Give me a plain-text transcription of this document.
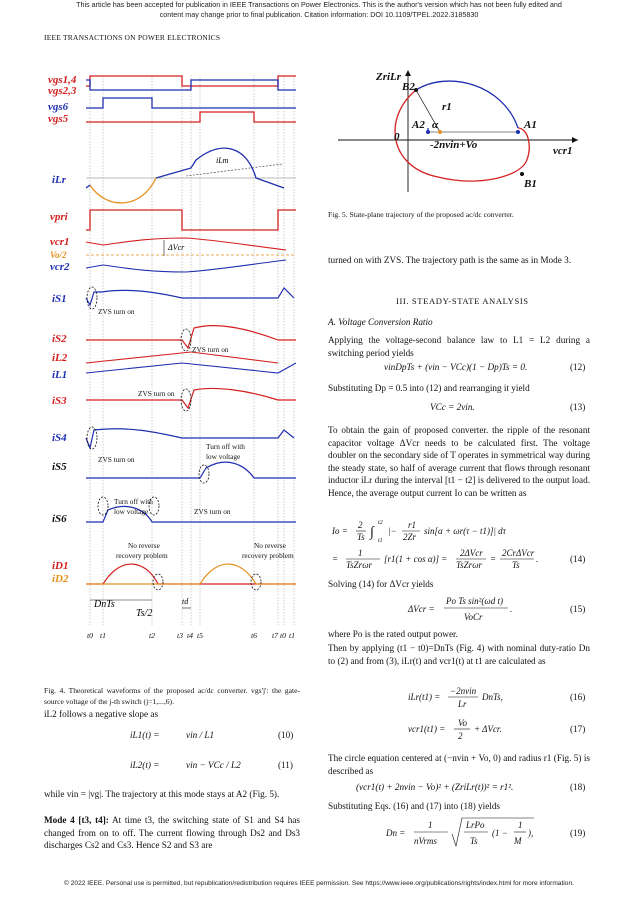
This article has been accepted for publication in IEEE Transactions on Power Electronics. This is the author's version which has not been fully edited and
content may change prior to final publication. Citation information: DOI 10.1109/TPEL.2022.3185830
IEEE TRANSACTIONS ON POWER ELECTRONICS
vgs1,4
vgs2,3
vgs6
vgs5
iLr
vpri
vcr1
Vo/2
vcr2
iS1
iS2
iL2
iL1
iS3
iS4
iS5
iS6
iD1
iD2
ZVS turn on
ZVS turn on
ZVS turn on
ZVS turn on
ZVS turn on
Turn off with
low voltage
Turn off with
low voltage
No reverse
recovery problem
No reverse
recovery problem
ΔVcr
iLm
DnTs
Ts/2
td
t0 t1	t2	t3 t4 t5	t6 t7 t0 t1
Fig. 4. Theoretical waveforms of the proposed ac/dc converter. vgs'j': the gate-source voltage of the j-th switch (j=1,...,6).
ZriLr
vcr1
0
B2
B1
A1
A2
r1
α
-2nvin+Vo
Fig. 5. State-plane trajectory of the proposed ac/dc converter.
iL2 follows a negative slope as
iL1(t) =	vin / L1	(10)
iL2(t) =	vin − VCc / L2	(11)
while vin = |vg|. The trajectory at this mode stays at A2 (Fig. 5).
Mode 4 [t3, t4]: At time t3, the switching state of S1 and S4 has changed from on to off. The current flowing through Ds2 and Ds3 discharges Cs2 and Cs3. Hence S2 and S3 are
turned on with ZVS. The trajectory path is the same as in Mode 3.
III. STEADY-STATE ANALYSIS
A. Voltage Conversion Ratio
Applying the voltage-second balance law to L1 = L2 during a switching period yields
vinDpTs + (vin − VCc)(1 − Dp)Ts = 0.	(12)
Substituting Dp = 0.5 into (12) and rearranging it yield
VCc = 2vin.	(13)
To obtain the gain of proposed converter. the ripple of the resonant capacitor voltage ΔVcr needs to be calculated first. The voltage doubler on the secondary side of T operates in symmetrical way during the steady state, so half of average current that flows through resonant inductor iLr during the interval [t1 − t2] is delivered to the output load. Hence, the average output current Io can be written as
Io =
2
Ts ∫
t2
t1
|−
r1
2Zr
sin[α + ωr(τ − t1)]| dτ
=
1
TsZrωr
[r1(1 + cos α)] =
2ΔVcr
TsZrωr
=
2CrΔVcr
Ts
.	(14)
Solving (14) for ΔVcr yields
ΔVcr =
Po Ts sin²(ωd t)
VoCr
.	(15)
where Po is the rated output power.
Then by applying (t1 − t0)=DnTs (Fig. 4) with nominal duty-ratio Dn to (2) and from (3), iLr(t) and vcr1(t) at t1 are calculated as
iLr(t1) =
−2nvin
Lr
DnTs,
vcr1(t1) =
Vo
2
+ ΔVcr.
(16)
(17)
The circle equation centered at (−nvin + Vo, 0) and radius r1 (Fig. 5) is described as
(vcr1(t) + 2nvin − Vo)² + (ZriLr(t))² = r1².	(18)
Substituting Eqs. (16) and (17) into (18) yields
Dn =
1
nVrms
LrPo
Ts
(1 −
1
M
),	(19)
© 2022 IEEE. Personal use is permitted, but republication/redistribution requires IEEE permission. See https://www.ieee.org/publications/rights/index.html for more information.
